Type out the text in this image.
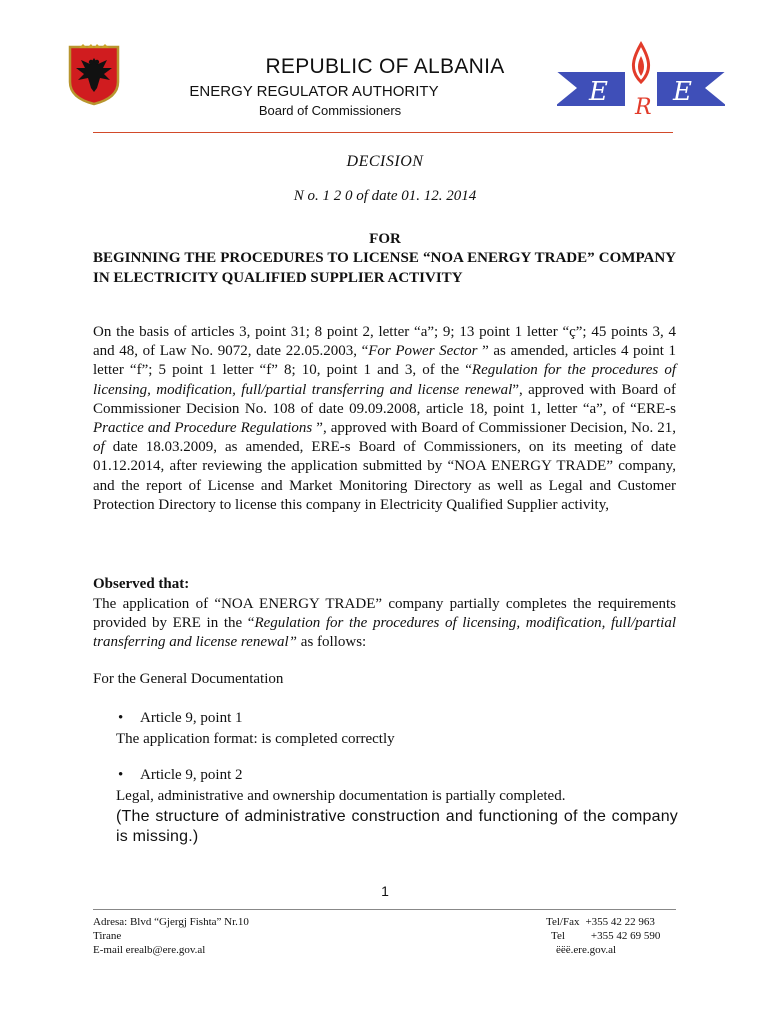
E
R
E
REPUBLIC OF ALBANIA
ENERGY REGULATOR AUTHORITY
Board of Commissioners
DECISION
N o. 1 2 0 of date 01. 12. 2014
FOR
BEGINNING THE PROCEDURES TO LICENSE “NOA ENERGY TRADE” COMPANY IN ELECTRICITY QUALIFIED SUPPLIER ACTIVITY
On the basis of articles 3, point 31; 8 point 2, letter “a”; 9; 13 point 1 letter “ç”; 45 points 3, 4 and 48, of Law No. 9072, date 22.05.2003, “For Power Sector ” as amended, articles 4 point 1 letter “f”; 5 point 1 letter “f” 8; 10, point 1 and 3, of the “Regulation for the procedures of licensing, modification, full/partial transferring and license renewal”, approved with Board of Commissioner Decision No. 108 of date 09.09.2008, article 18, point 1, letter “a”, of “ERE-s Practice and Procedure Regulations ”, approved with Board of Commissioner Decision, No. 21, of date 18.03.2009, as amended, ERE-s Board of Commissioners, on its meeting of date 01.12.2014, after reviewing the application submitted by “NOA ENERGY TRADE” company, and the report of License and Market Monitoring Directory as well as Legal and Customer Protection Directory to license this company in Electricity Qualified Supplier activity,
Observed that:
The application of “NOA ENERGY TRADE” company partially completes the requirements provided by ERE in the “Regulation for the procedures of licensing, modification, full/partial transferring and license renewal” as follows:
For the General Documentation
• Article 9, point 1
The application format: is completed correctly
• Article 9, point 2
Legal, administrative and ownership documentation is partially completed.
(The structure of administrative construction and functioning of the company is missing.)
1
Adresa: Blvd “Gjergj Fishta” Nr.10
Tirane
E-mail erealb@ere.gov.al
Tel/Fax +355 42 22 963
Tel +355 42 69 590
ëëë.ere.gov.al
